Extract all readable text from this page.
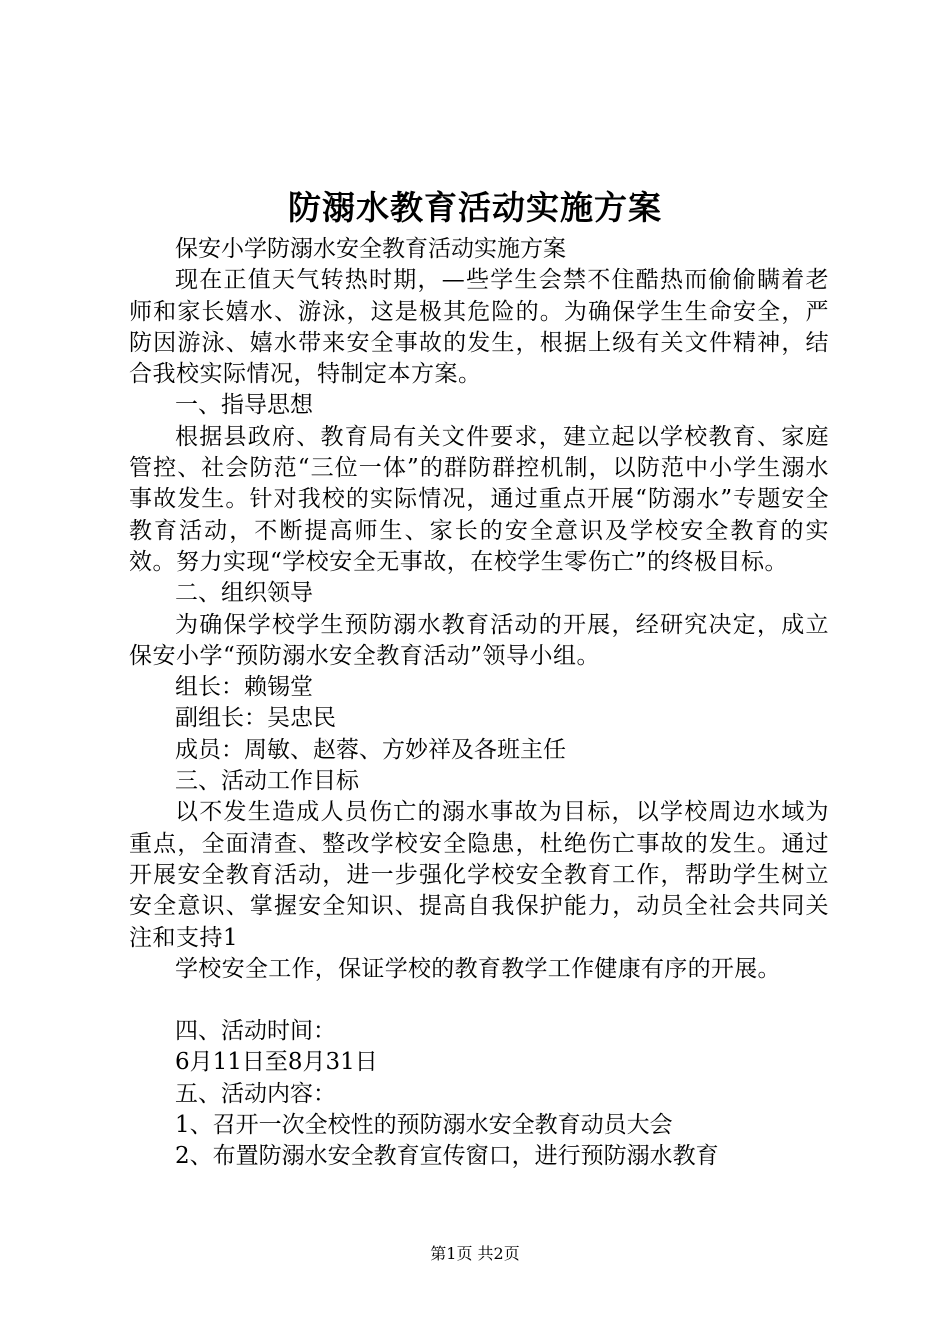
防溺水教育活动实施方案

保安小学防溺水安全教育活动实施方案

现在正值天气转热时期，—些学生会禁不住酷热而偷偷瞒着老师和家长嬉水、游泳，这是极其危险的。为确保学生生命安全，严防因游泳、嬉水带来安全事故的发生，根据上级有关文件精神，结合我校实际情况，特制定本方案。

一、指导思想

根据县政府、教育局有关文件要求，建立起以学校教育、家庭管控、社会防范“三位一体”的群防群控机制，以防范中小学生溺水事故发生。针对我校的实际情况，通过重点开展“防溺水”专题安全教育活动，不断提高师生、家长的安全意识及学校安全教育的实效。努力实现“学校安全无事故，在校学生零伤亡”的终极目标。

二、组织领导

为确保学校学生预防溺水教育活动的开展，经研究决定，成立保安小学“预防溺水安全教育活动”领导小组。

组长：赖锡堂

副组长：吴忠民

成员：周敏、赵蓉、方妙祥及各班主任

三、活动工作目标

以不发生造成人员伤亡的溺水事故为目标，以学校周边水域为重点，全面清查、整改学校安全隐患，杜绝伤亡事故的发生。通过开展安全教育活动，进一步强化学校安全教育工作，帮助学生树立安全意识、掌握安全知识、提高自我保护能力，动员全社会共同关注和支持1

学校安全工作，保证学校的教育教学工作健康有序的开展。

四、活动时间：

6月11日至8月31日

五、活动内容：

1、召开一次全校性的预防溺水安全教育动员大会

2、布置防溺水安全教育宣传窗口，进行预防溺水教育

第1页 共2页
